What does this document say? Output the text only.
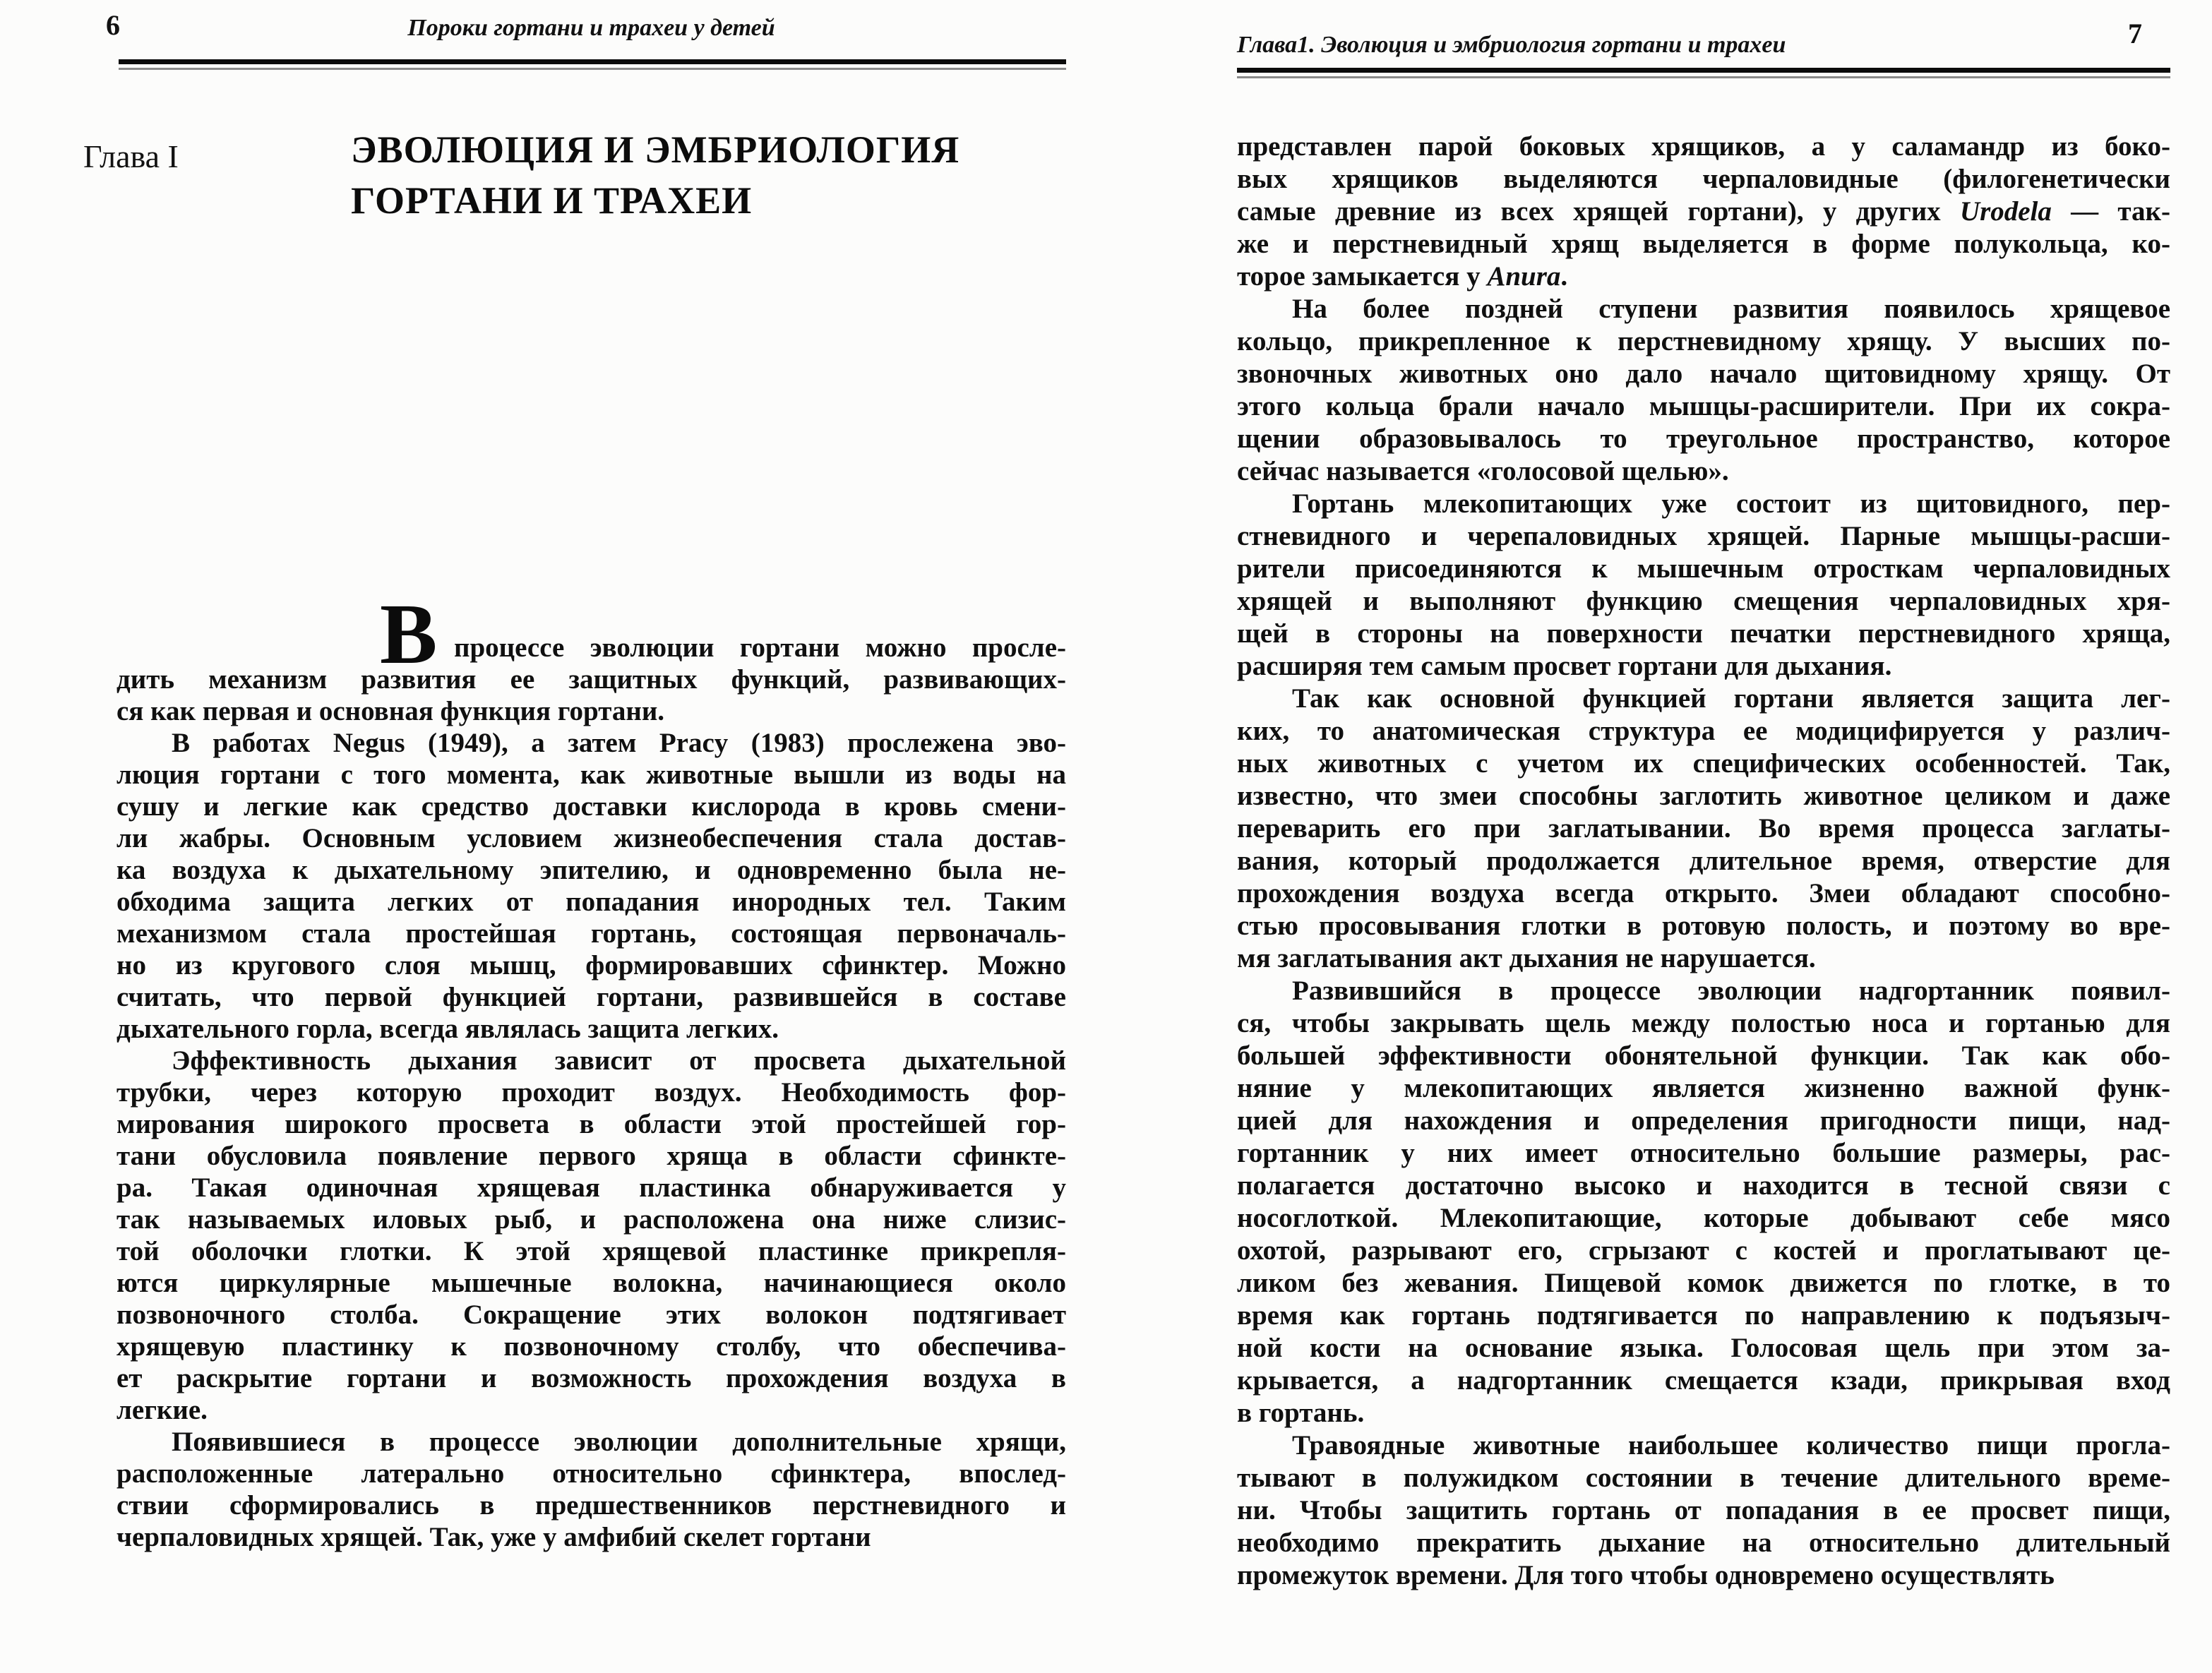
6	Пороки гортани и трахеи у детей
Глава I	ЭВОЛЮЦИЯ И ЭМБРИОЛОГИЯ
ГОРТАНИ И ТРАХЕИ
В процессе эволюции гортани можно просле-
дить механизм развития ее защитных функций, развивающих-
ся как первая и основная функция гортани.
В работах Negus (1949), а затем Pracy (1983) прослежена эво-
люция гортани с того момента, как животные вышли из воды на
сушу и легкие как средство доставки кислорода в кровь смени-
ли жабры. Основным условием жизнеобеспечения стала достав-
ка воздуха к дыхательному эпителию, и одновременно была не-
обходима защита легких от попадания инородных тел. Таким
механизмом стала простейшая гортань, состоящая первоначаль-
но из кругового слоя мышц, формировавших сфинктер. Можно
считать, что первой функцией гортани, развившейся в составе
дыхательного горла, всегда являлась защита легких.
Эффективность дыхания зависит от просвета дыхательной
трубки, через которую проходит воздух. Необходимость фор-
мирования широкого просвета в области этой простейшей гор-
тани обусловила появление первого хряща в области сфинкте-
ра. Такая одиночная хрящевая пластинка обнаруживается у
так называемых иловых рыб, и расположена она ниже слизис-
той оболочки глотки. К этой хрящевой пластинке прикрепля-
ются циркулярные мышечные волокна, начинающиеся около
позвоночного столба. Сокращение этих волокон подтягивает
хрящевую пластинку к позвоночному столбу, что обеспечива-
ет раскрытие гортани и возможность прохождения воздуха в
легкие.
Появившиеся в процессе эволюции дополнительные хрящи,
расположенные латерально относительно сфинктера, впослед-
ствии сформировались в предшественников перстневидного и
черпаловидных хрящей. Так, уже у амфибий скелет гортани
Глава1. Эволюция и эмбриология гортани и трахеи	7
представлен парой боковых хрящиков, а у саламандр из боко-
вых хрящиков выделяются черпаловидные (филогенетически
самые древние из всех хрящей гортани), у других Urodela — так-
же и перстневидный хрящ выделяется в форме полукольца, ко-
торое замыкается у Anura.
На более поздней ступени развития появилось хрящевое
кольцо, прикрепленное к перстневидному хрящу. У высших по-
звоночных животных оно дало начало щитовидному хрящу. От
этого кольца брали начало мышцы-расширители. При их сокра-
щении образовывалось то треугольное пространство, которое
сейчас называется «голосовой щелью».
Гортань млекопитающих уже состоит из щитовидного, пер-
стневидного и черепаловидных хрящей. Парные мышцы-расши-
рители присоединяются к мышечным отросткам черпаловидных
хрящей и выполняют функцию смещения черпаловидных хря-
щей в стороны на поверхности печатки перстневидного хряща,
расширяя тем самым просвет гортани для дыхания.
Так как основной функцией гортани является защита лег-
ких, то анатомическая структура ее модицифируется у различ-
ных животных с учетом их специфических особенностей. Так,
известно, что змеи способны заглотить животное целиком и даже
переварить его при заглатывании. Во время процесса заглаты-
вания, который продолжается длительное время, отверстие для
прохождения воздуха всегда открыто. Змеи обладают способно-
стью просовывания глотки в ротовую полость, и поэтому во вре-
мя заглатывания акт дыхания не нарушается.
Развившийся в процессе эволюции надгортанник появил-
ся, чтобы закрывать щель между полостью носа и гортанью для
большей эффективности обонятельной функции. Так как обо-
няние у млекопитающих является жизненно важной функ-
цией для нахождения и определения пригодности пищи, над-
гортанник у них имеет относительно большие размеры, рас-
полагается достаточно высоко и находится в тесной связи с
носоглоткой. Млекопитающие, которые добывают себе мясо
охотой, разрывают его, сгрызают с костей и проглатывают це-
ликом без жевания. Пищевой комок движется по глотке, в то
время как гортань подтягивается по направлению к подъязыч-
ной кости на основание языка. Голосовая щель при этом за-
крывается, а надгортанник смещается кзади, прикрывая вход
в гортань.
Травоядные животные наибольшее количество пищи прогла-
тывают в полужидком состоянии в течение длительного време-
ни. Чтобы защитить гортань от попадания в ее просвет пищи,
необходимо прекратить дыхание на относительно длительный
промежуток времени. Для того чтобы одновремено осуществлять
